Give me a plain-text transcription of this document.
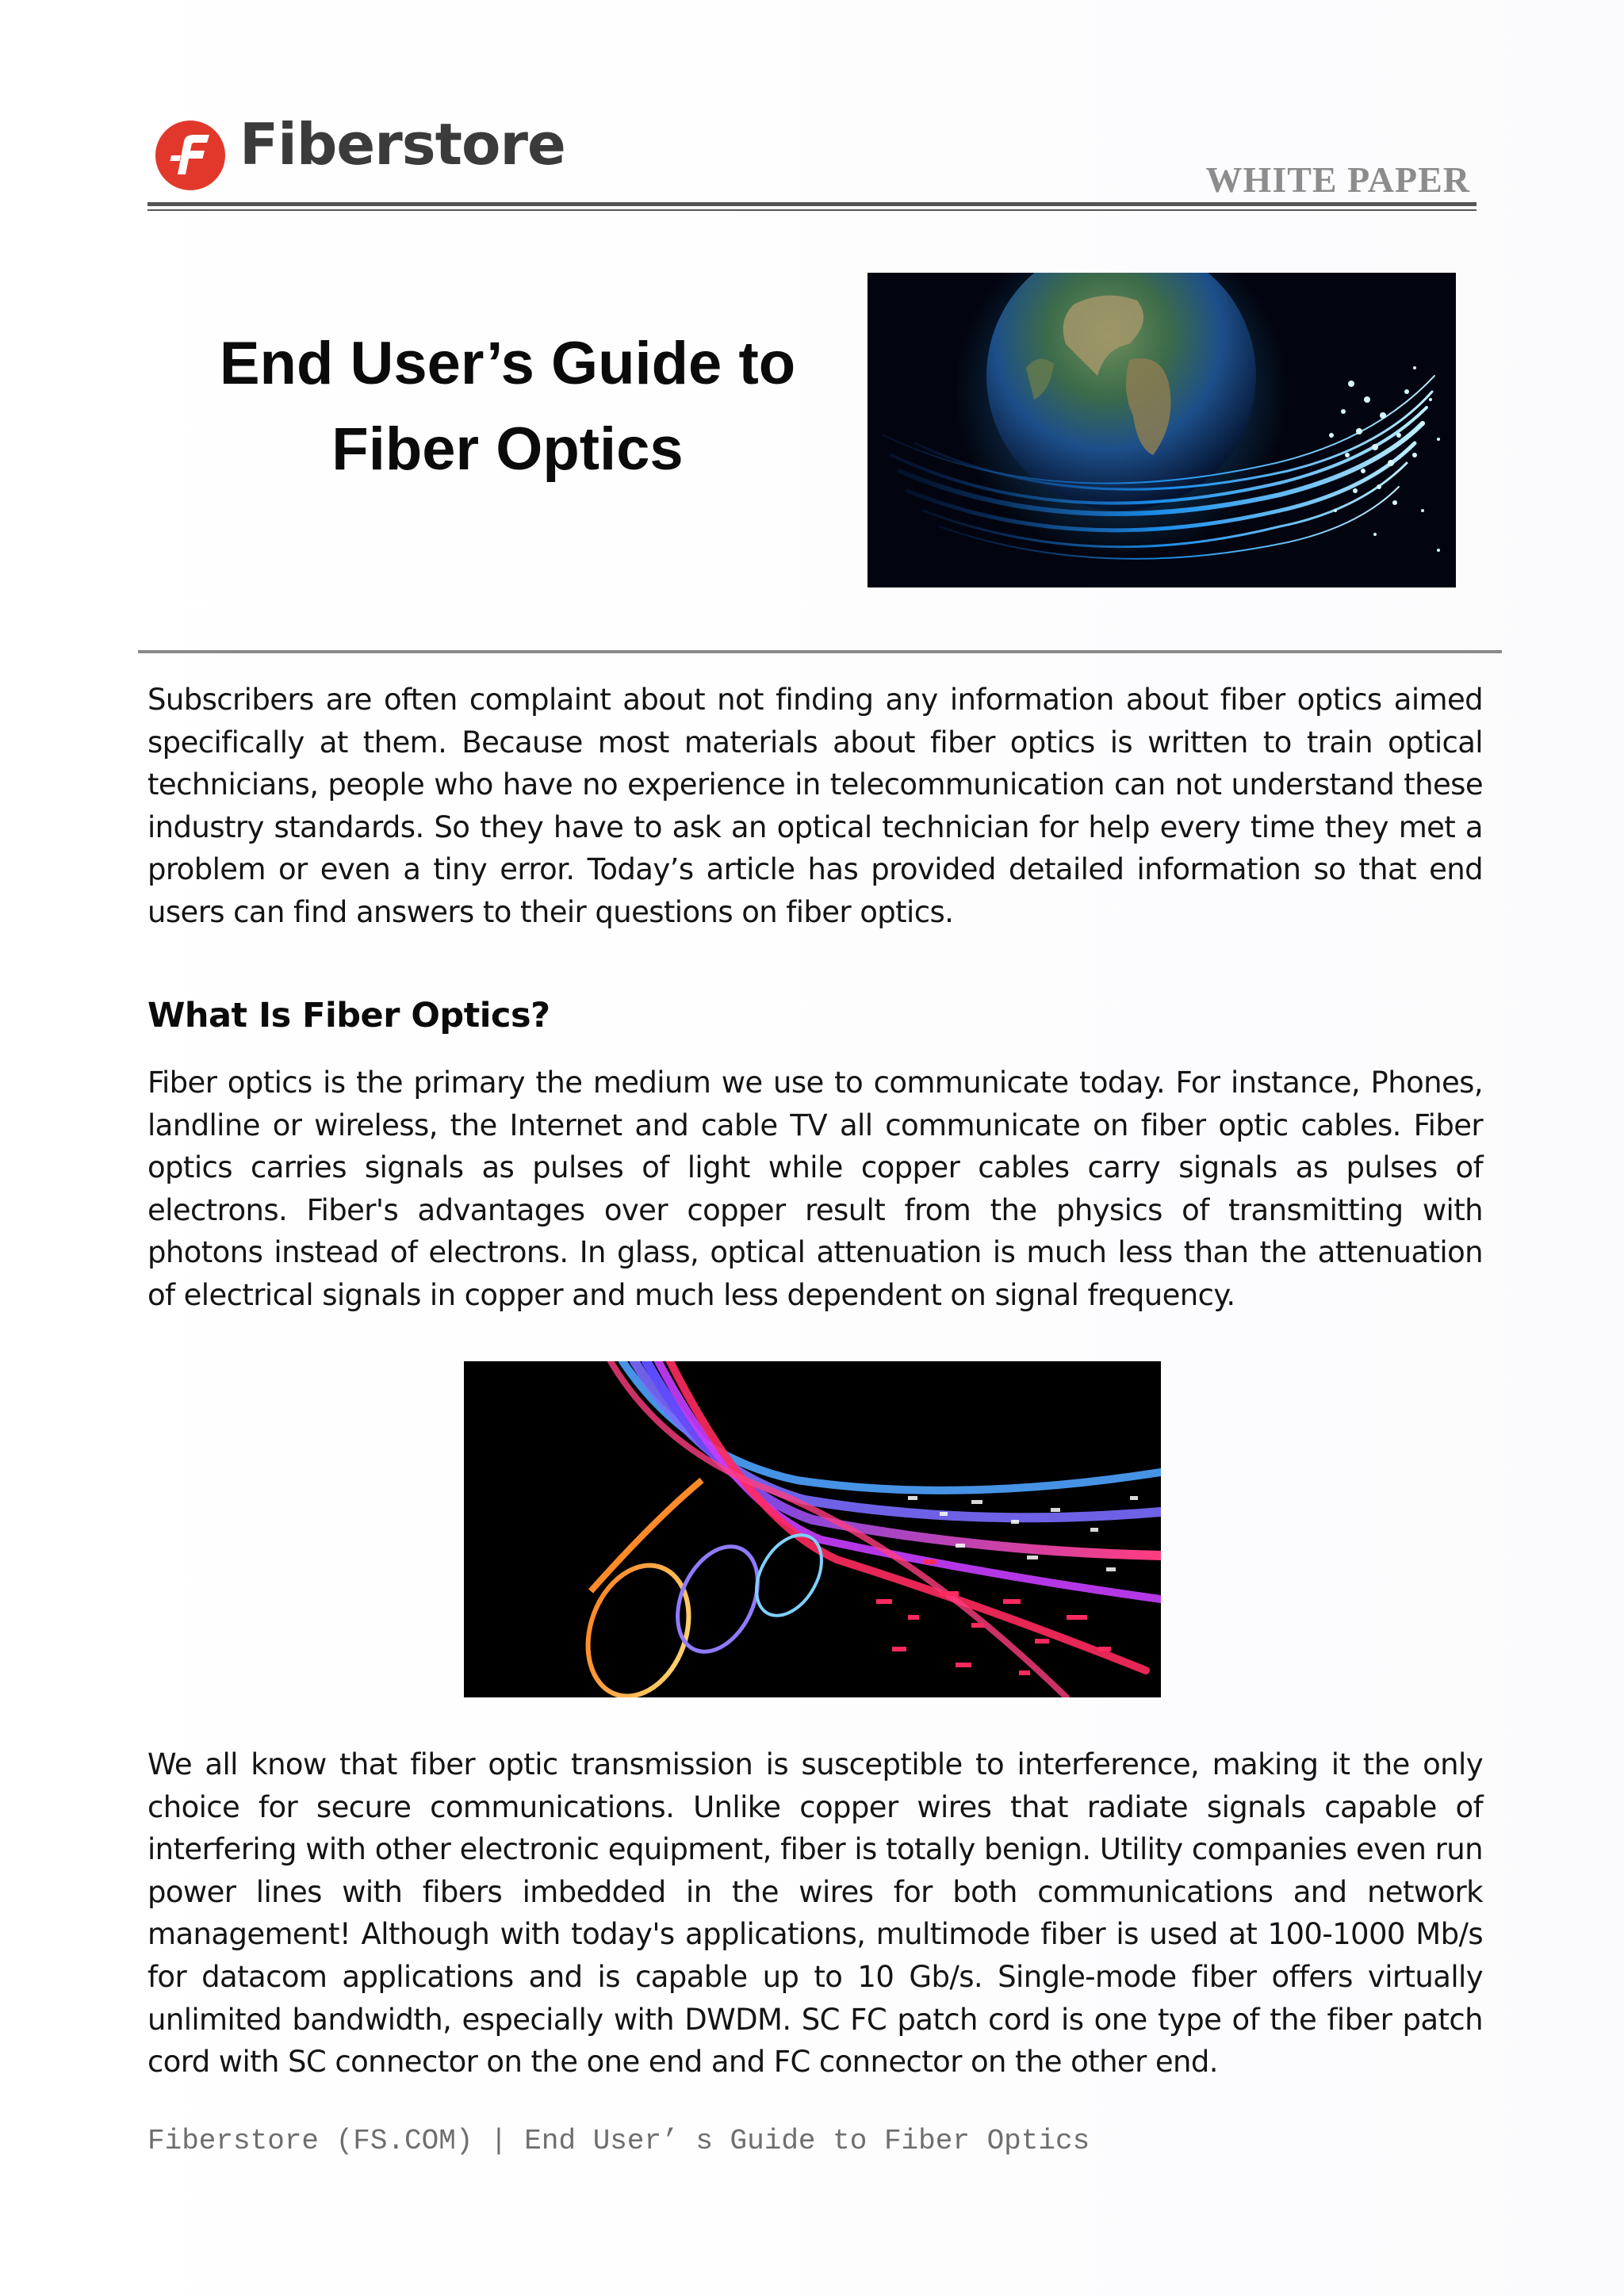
Fiberstore
WHITE PAPER
End User’s Guide to
Fiber Optics
Subscribers are often complaint about not finding any information about fiber optics aimed specifically at them. Because most materials about fiber optics is written to train optical technicians, people who have no experience in telecommunication can not understand these industry standards. So they have to ask an optical technician for help every time they met a problem or even a tiny error. Today’s article has provided detailed information so that end users can find answers to their questions on fiber optics.
What Is Fiber Optics?
Fiber optics is the primary the medium we use to communicate today. For instance, Phones, landline or wireless, the Internet and cable TV all communicate on fiber optic cables. Fiber optics carries signals as pulses of light while copper cables carry signals as pulses of electrons. Fiber's advantages over copper result from the physics of transmitting with photons instead of electrons. In glass, optical attenuation is much less than the attenuation of electrical signals in copper and much less dependent on signal frequency.
We all know that fiber optic transmission is susceptible to interference, making it the only choice for secure communications. Unlike copper wires that radiate signals capable of interfering with other electronic equipment, fiber is totally benign. Utility companies even run power lines with fibers imbedded in the wires for both communications and network management! Although with today's applications, multimode fiber is used at 100-1000 Mb/s for datacom applications and is capable up to 10 Gb/s. Single-mode fiber offers virtually unlimited bandwidth, especially with DWDM. SC FC patch cord is one type of the fiber patch cord with SC connector on the one end and FC connector on the other end.
Fiberstore (FS.COM) | End User’ s Guide to Fiber Optics
